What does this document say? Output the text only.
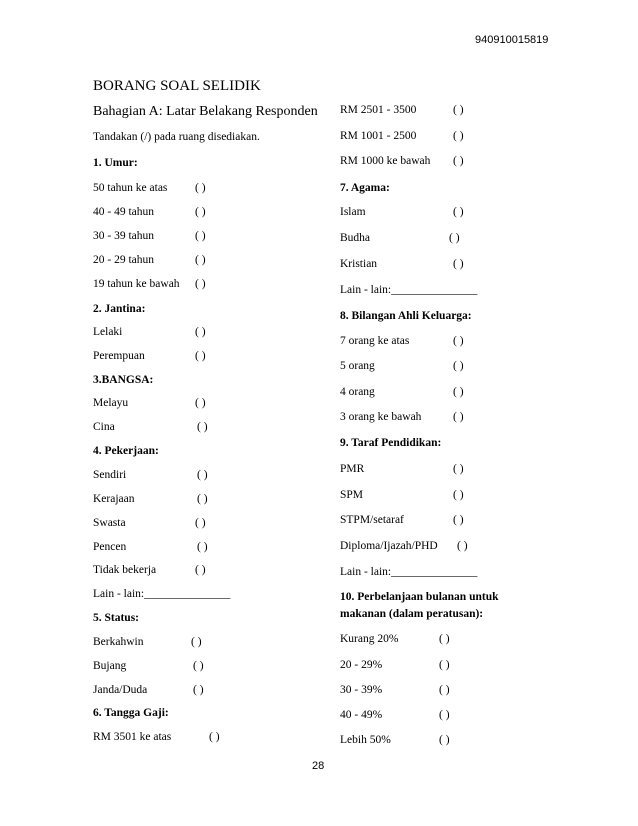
940910015819
BORANG SOAL SELIDIK
Bahagian A: Latar Belakang Responden
Tandakan (/) pada ruang disediakan.
1. Umur:
50 tahun ke atas ( )
40 - 49 tahun	( )
30 - 39 tahun	( )
20 - 29 tahun	( )
19 tahun ke bawah ( )
2. Jantina:
Lelaki	( )
Perempuan	( )
3.BANGSA:
Melayu	( )
Cina	( )
4. Pekerjaan:
Sendiri	( )
Kerajaan	( )
Swasta	( )
Pencen	( )
Tidak bekerja	( )
Lain - lain:_______________
5. Status:
Berkahwin	( )
Bujang	( )
Janda/Duda	( )
6. Tangga Gaji:
RM 3501 ke atas	( )
RM 2501 - 3500	( )
RM 1001 - 2500	( )
RM 1000 ke bawah ( )
7. Agama:
Islam	( )
Budha	( )
Kristian	( )
Lain - lain:_______________
8. Bilangan Ahli Keluarga:
7 orang ke atas	( )
5 orang	( )
4 orang	( )
3 orang ke bawah	( )
9. Taraf Pendidikan:
PMR	( )
SPM	( )
STPM/setaraf	( )
Diploma/Ijazah/PHD ( )
Lain - lain:_______________
10. Perbelanjaan bulanan untuk
makanan (dalam peratusan):
Kurang 20%	( )
20 - 29%	( )
30 - 39%	( )
40 - 49%	( )
Lebih 50%	( )
28
